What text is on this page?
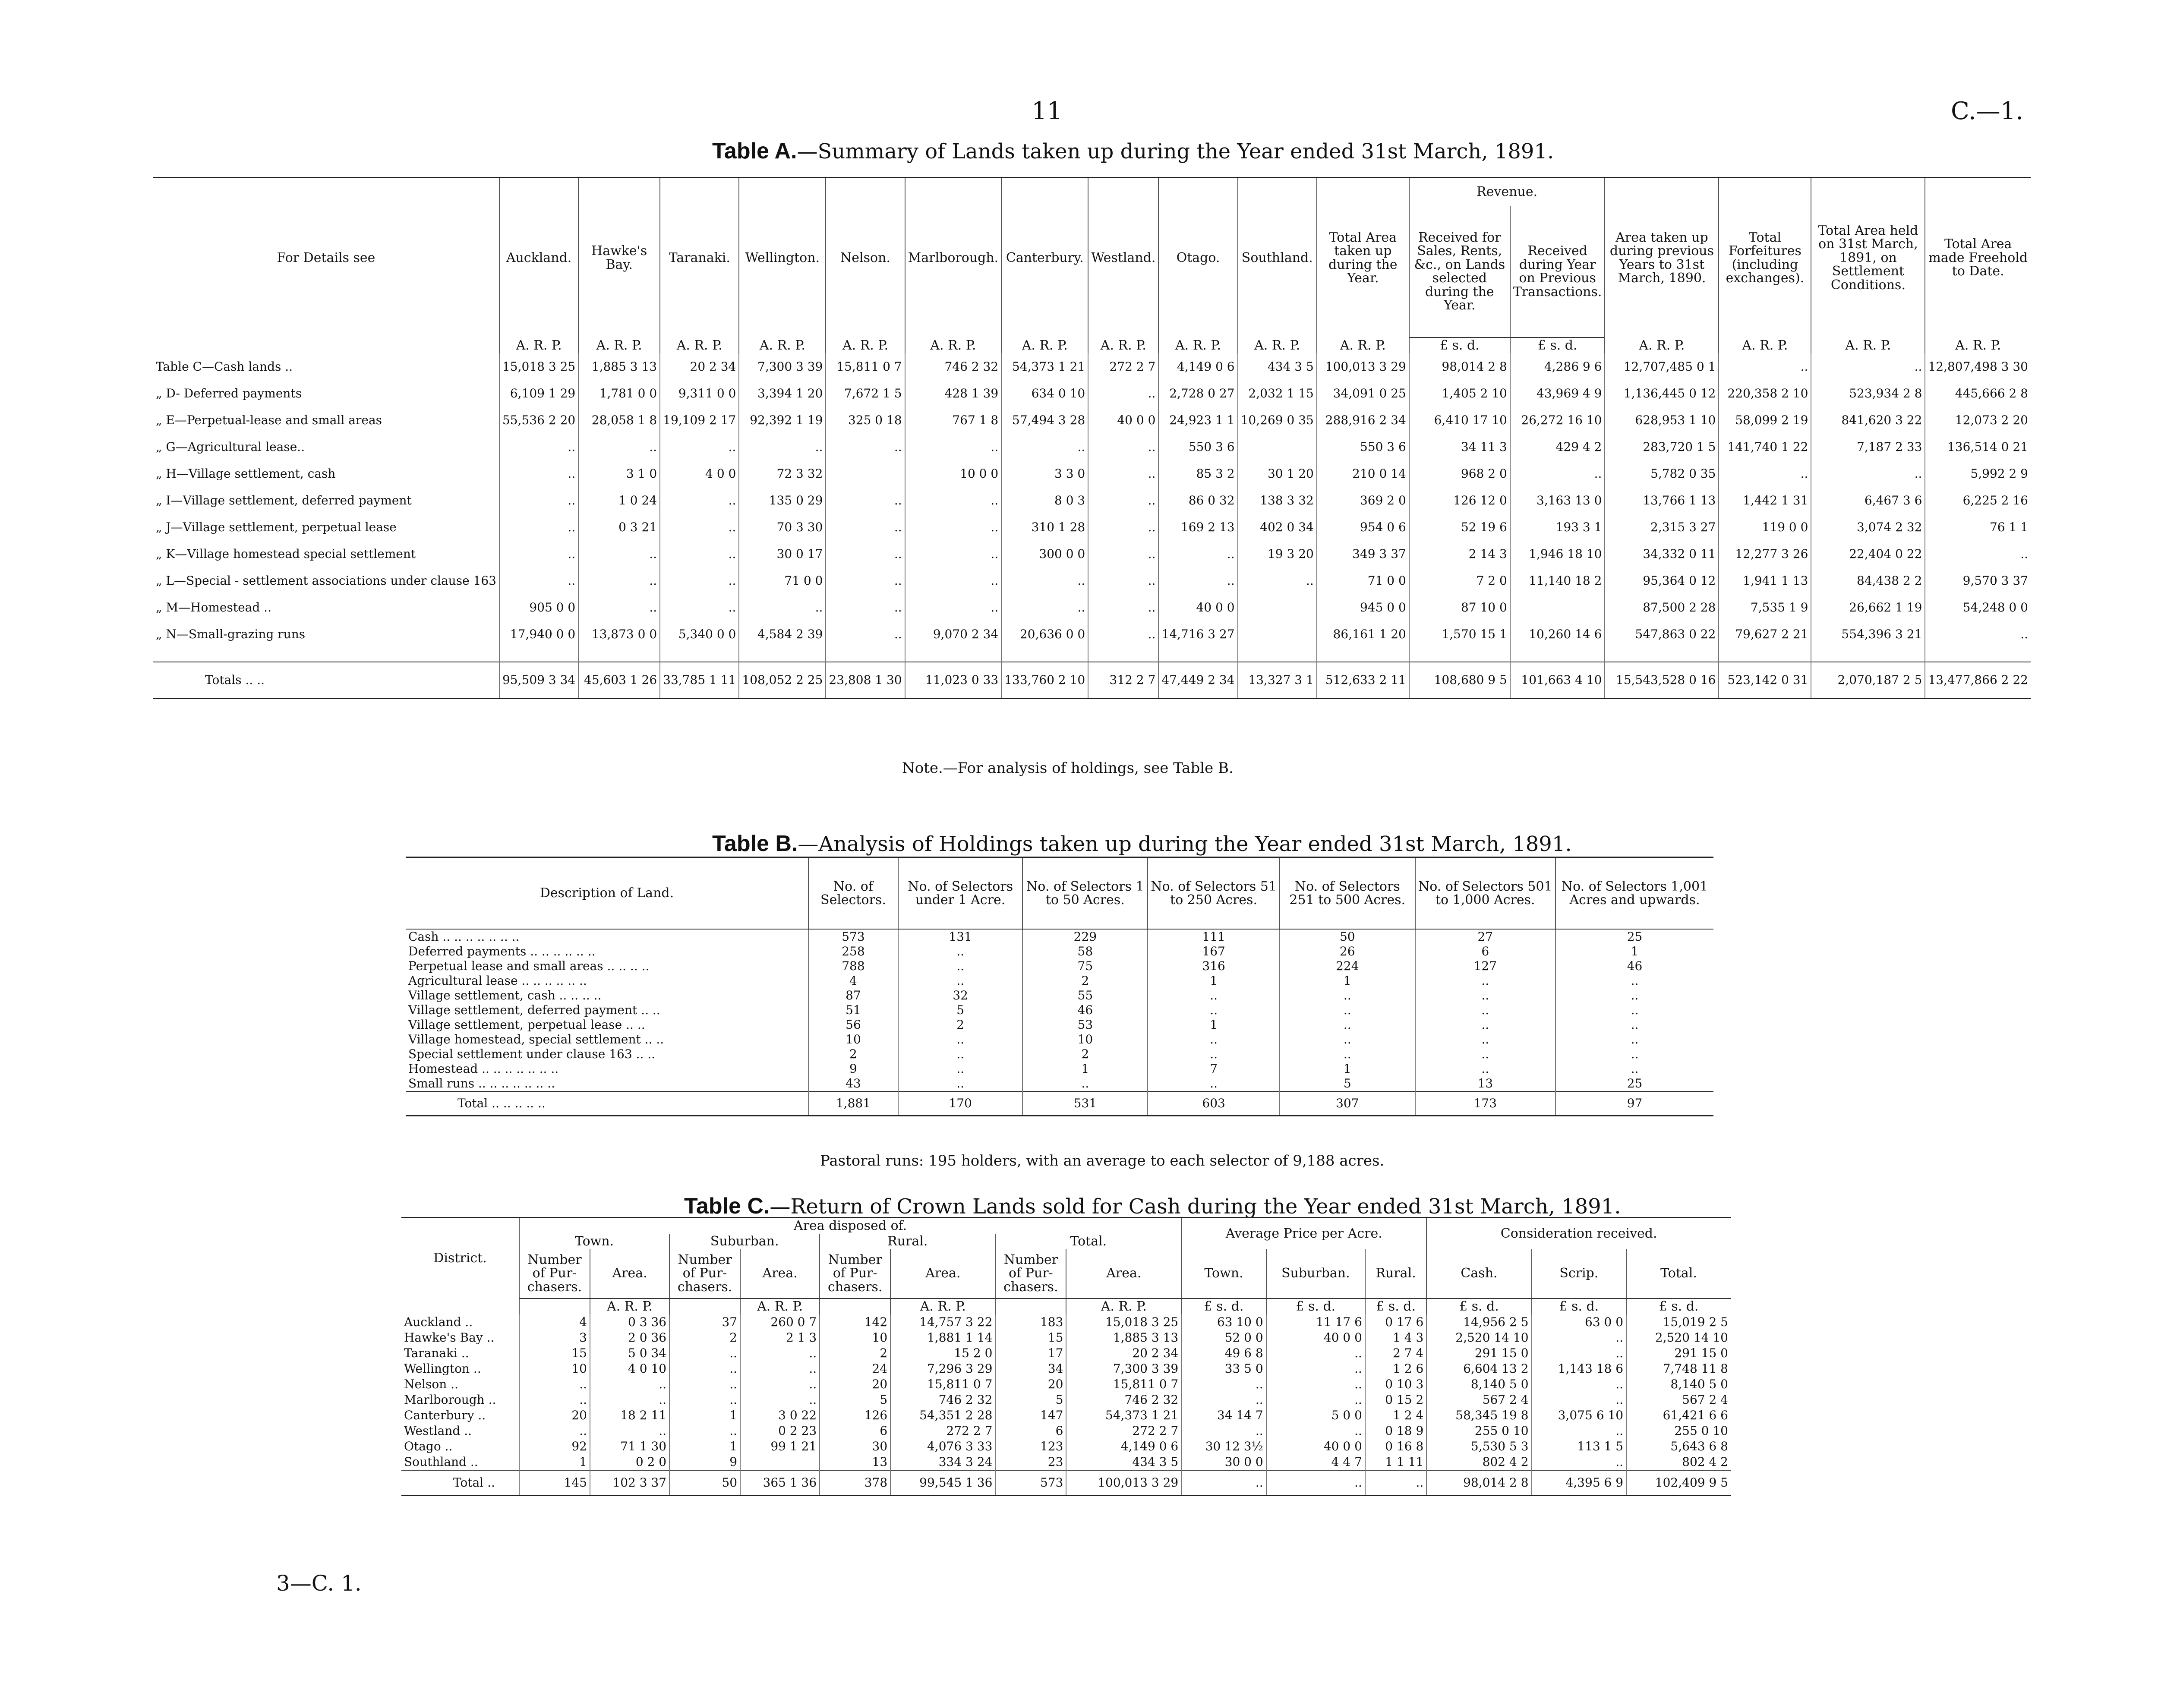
11	C.—1.
Table A.—Summary of Lands taken up during the Year ended 31st March, 1891.
For Details see	Auckland.	Hawke's Bay.	Taranaki.	Wellington.	Nelson.	Marlborough.	Canterbury.	Westland.	Otago.	Southland.	Total Area taken up during the Year.	Revenue.		Area taken up during previous Years to 31st March, 1890.	Total Forfeitures (including exchanges).	Total Area held on 31st March, 1891, on Settlement Conditions.	Total Area made Freehold to Date.
												Received for Sales, Rents, &c., on Lands selected during the Year.	Received during Year on Previous Transactions.				
	A. R. P.	A. R. P.	A. R. P.	A. R. P.	A. R. P.	A. R. P.	A. R. P.	A. R. P.	A. R. P.	A. R. P.	A. R. P.	£ s. d.	£ s. d.	A. R. P.	A. R. P.	A. R. P.	A. R. P.
Table C—Cash lands ..	15,018 3 25	1,885 3 13	20 2 34	7,300 3 39	15,811 0 7	746 2 32	54,373 1 21	272 2 7	4,149 0 6	434 3 5	100,013 3 29	98,014 2 8	4,286 9 6	12,707,485 0 1	..	..	12,807,498 3 30
„ D- Deferred payments	6,109 1 29	1,781 0 0	9,311 0 0	3,394 1 20	7,672 1 5	428 1 39	634 0 10	..	2,728 0 27	2,032 1 15	34,091 0 25	1,405 2 10	43,969 4 9	1,136,445 0 12	220,358 2 10	523,934 2 8	445,666 2 8
„ E—Perpetual-lease and small areas	55,536 2 20	28,058 1 8	19,109 2 17	92,392 1 19	325 0 18	767 1 8	57,494 3 28	40 0 0	24,923 1 1	10,269 0 35	288,916 2 34	6,410 17 10	26,272 16 10	628,953 1 10	58,099 2 19	841,620 3 22	12,073 2 20
„ G—Agricultural lease..	..	..	..	..	..	..	..	..	550 3 6		550 3 6	34 11 3	429 4 2	283,720 1 5	141,740 1 22	7,187 2 33	136,514 0 21
„ H—Village settlement, cash	..	3 1 0	4 0 0	72 3 32		10 0 0	3 3 0	..	85 3 2	30 1 20	210 0 14	968 2 0	..	5,782 0 35	..	..	5,992 2 9
„ I—Village settlement, deferred payment	..	1 0 24	..	135 0 29	..	..	8 0 3	..	86 0 32	138 3 32	369 2 0	126 12 0	3,163 13 0	13,766 1 13	1,442 1 31	6,467 3 6	6,225 2 16
„ J—Village settlement, perpetual lease	..	0 3 21	..	70 3 30	..	..	310 1 28	..	169 2 13	402 0 34	954 0 6	52 19 6	193 3 1	2,315 3 27	119 0 0	3,074 2 32	76 1 1
„ K—Village homestead special settlement	..	..	..	30 0 17	..	..	300 0 0	..	..	19 3 20	349 3 37	2 14 3	1,946 18 10	34,332 0 11	12,277 3 26	22,404 0 22	..
„ L—Special - settlement associations under clause 163	..	..	..	71 0 0	..	..	..	..	..	..	71 0 0	7 2 0	11,140 18 2	95,364 0 12	1,941 1 13	84,438 2 2	9,570 3 37
„ M—Homestead ..	905 0 0	..	..	..	..	..	..	..	40 0 0		945 0 0	87 10 0		87,500 2 28	7,535 1 9	26,662 1 19	54,248 0 0
„ N—Small-grazing runs	17,940 0 0	13,873 0 0	5,340 0 0	4,584 2 39	..	9,070 2 34	20,636 0 0	..	14,716 3 27		86,161 1 20	1,570 15 1	10,260 14 6	547,863 0 22	79,627 2 21	554,396 3 21	..

Totals .. ..	95,509 3 34	45,603 1 26	33,785 1 11	108,052 2 25	23,808 1 30	11,023 0 33	133,760 2 10	312 2 7	47,449 2 34	13,327 3 1	512,633 2 11	108,680 9 5	101,663 4 10	15,543,528 0 16	523,142 0 31	2,070,187 2 5	13,477,866 2 22
Note.—For analysis of holdings, see Table B.
Table B.—Analysis of Holdings taken up during the Year ended 31st March, 1891.
Description of Land.	No. of Selectors.	No. of Selectors under 1 Acre.	No. of Selectors 1 to 50 Acres.	No. of Selectors 51 to 250 Acres.	No. of Selectors 251 to 500 Acres.	No. of Selectors 501 to 1,000 Acres.	No. of Selectors 1,001 Acres and upwards.
Cash .. .. .. .. .. .. ..	573	131	229	111	50	27	25
Deferred payments .. .. .. .. .. ..	258	..	58	167	26	6	1
Perpetual lease and small areas .. .. .. ..	788	..	75	316	224	127	46
Agricultural lease .. .. .. .. .. ..	4	..	2	1	1	..	..
Village settlement, cash .. .. .. ..	87	32	55	..	..	..	..
Village settlement, deferred payment .. ..	51	5	46	..	..	..	..
Village settlement, perpetual lease .. ..	56	2	53	1	..	..	..
Village homestead, special settlement .. ..	10	..	10	..	..	..	..
Special settlement under clause 163 .. ..	2	..	2	..	..	..	..
Homestead .. .. .. .. .. .. ..	9	..	1	7	1	..	..
Small runs .. .. .. .. .. .. ..	43	..	..	..	5	13	25
Total .. .. .. .. ..	1,881	170	531	603	307	173	97
Pastoral runs: 195 holders, with an average to each selector of 9,188 acres.
Table C.—Return of Crown Lands sold for Cash during the Year ended 31st March, 1891.
District.	Area disposed of.								Average Price per Acre.			Consideration received.		
	Town.		Suburban.		Rural.		Total.							
	Number of Pur-chasers.	Area.	Number of Pur-chasers.	Area.	Number of Pur-chasers.	Area.	Number of Pur-chasers.	Area.	Town.	Suburban.	Rural.	Cash.	Scrip.	Total.
		A. R. P.		A. R. P.		A. R. P.		A. R. P.	£ s. d.	£ s. d.	£ s. d.	£ s. d.	£ s. d.	£ s. d.
Auckland ..	4	0 3 36	37	260 0 7	142	14,757 3 22	183	15,018 3 25	63 10 0	11 17 6	0 17 6	14,956 2 5	63 0 0	15,019 2 5
Hawke's Bay ..	3	2 0 36	2	2 1 3	10	1,881 1 14	15	1,885 3 13	52 0 0	40 0 0	1 4 3	2,520 14 10	..	2,520 14 10
Taranaki ..	15	5 0 34	..	..	2	15 2 0	17	20 2 34	49 6 8	..	2 7 4	291 15 0	..	291 15 0
Wellington ..	10	4 0 10	..	..	24	7,296 3 29	34	7,300 3 39	33 5 0	..	1 2 6	6,604 13 2	1,143 18 6	7,748 11 8
Nelson ..	..	..	..	..	20	15,811 0 7	20	15,811 0 7	..	..	0 10 3	8,140 5 0	..	8,140 5 0
Marlborough ..	..	..	..	..	5	746 2 32	5	746 2 32	..	..	0 15 2	567 2 4	..	567 2 4
Canterbury ..	20	18 2 11	1	3 0 22	126	54,351 2 28	147	54,373 1 21	34 14 7	5 0 0	1 2 4	58,345 19 8	3,075 6 10	61,421 6 6
Westland ..	..	..	..	0 2 23	6	272 2 7	6	272 2 7	..	..	0 18 9	255 0 10	..	255 0 10
Otago ..	92	71 1 30	1	99 1 21	30	4,076 3 33	123	4,149 0 6	30 12 3½	40 0 0	0 16 8	5,530 5 3	113 1 5	5,643 6 8
Southland ..	1	0 2 0	9		13	334 3 24	23	434 3 5	30 0 0	4 4 7	1 1 11	802 4 2	..	802 4 2
Total ..	145	102 3 37	50	365 1 36	378	99,545 1 36	573	100,013 3 29	..	..	..	98,014 2 8	4,395 6 9	102,409 9 5
3—C. 1.
